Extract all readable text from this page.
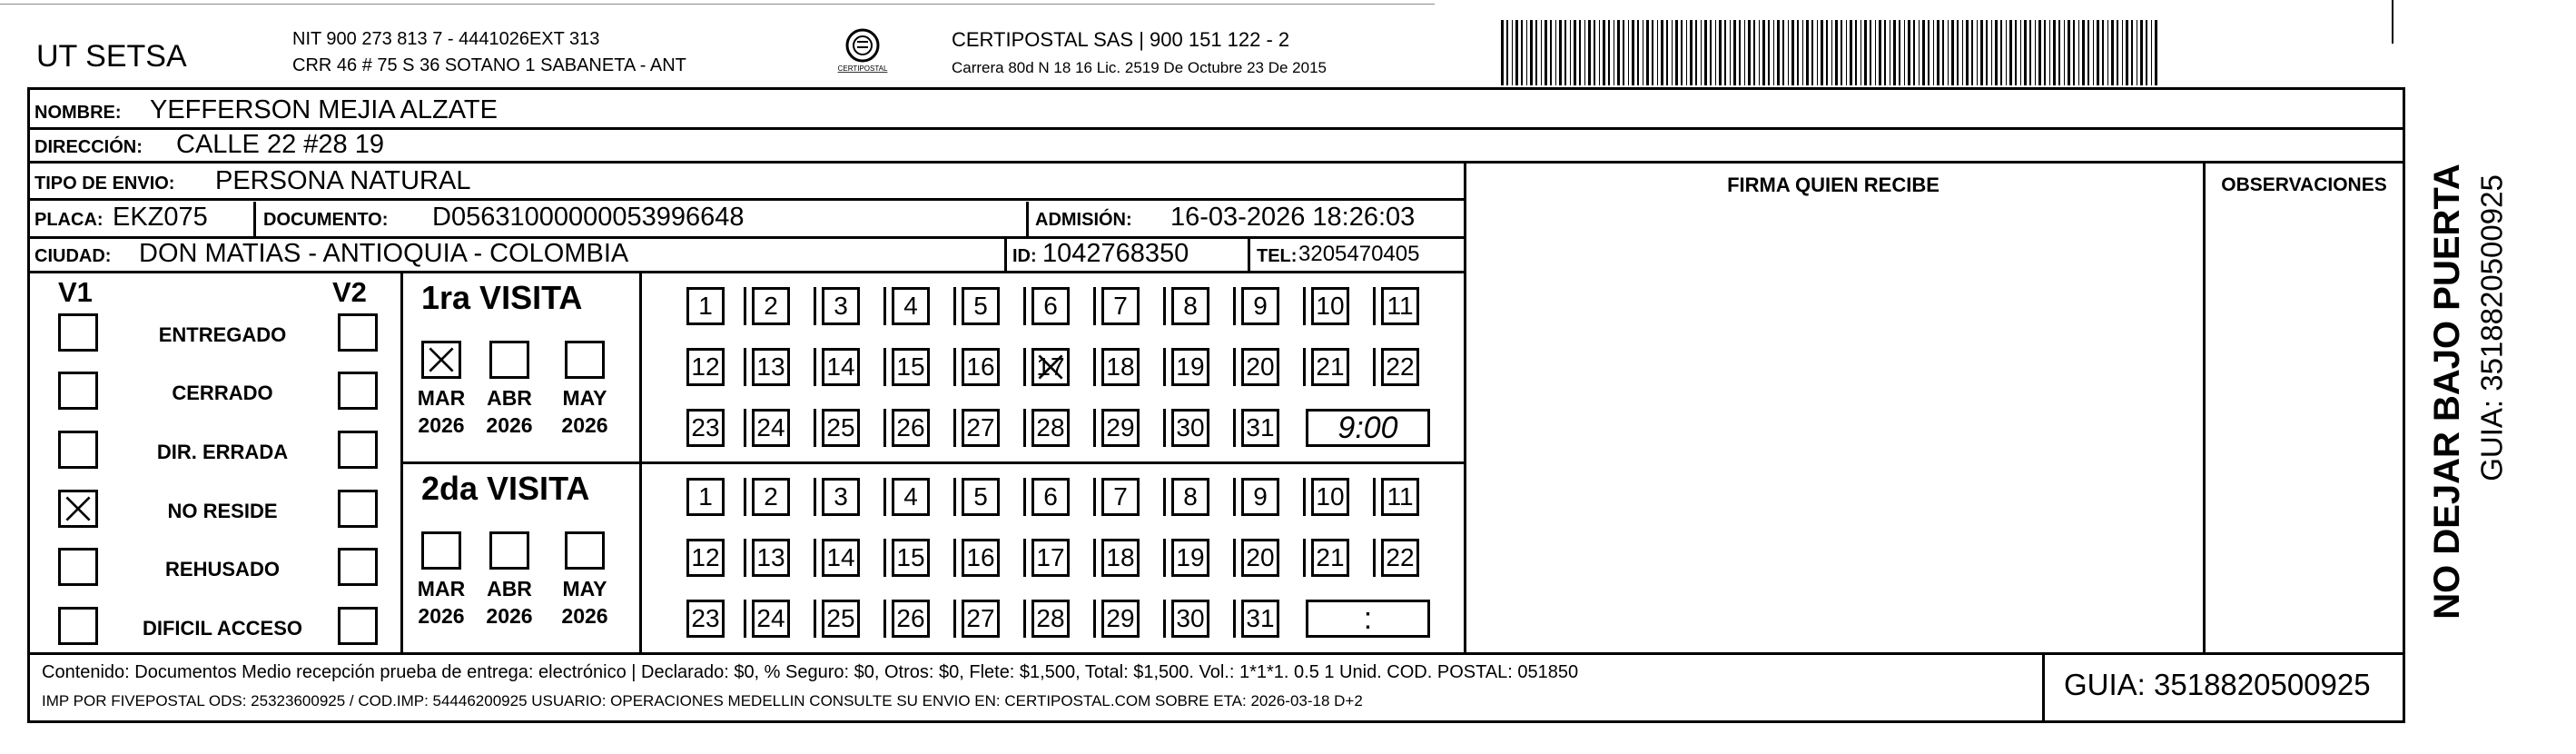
UT SETSA	NIT 900 273 813 7 - 4441026EXT 313
CRR 46 # 75 S 36 SOTANO 1 SABANETA - ANT	CERTIPOSTAL
CERTIPOSTAL SAS | 900 151 122 - 2
Carrera 80d N 18 16 Lic. 2519 De Octubre 23 De 2015
NOMBRE: YEFFERSON MEJIA ALZATE
DIRECCIÓN: CALLE 22 #28 19
TIPO DE ENVIO: PERSONA NATURAL	FIRMA QUIEN RECIBE	OBSERVACIONES
PLACA: EKZ075	DOCUMENTO: D05631000000053996648	ADMISIÓN: 16-03-2026 18:26:03
CIUDAD: DON MATIAS - ANTIOQUIA - COLOMBIA	ID: 1042768350	TEL: 3205470405
V1	V2
ENTREGADO
CERRADO
DIR. ERRADA
NO RESIDE
REHUSADO
DIFICIL ACCESO
1ra VISITA
MAR
2026
ABR
2026
MAY
2026
1	2	3	4	5	6	7	8	9	10 11
12 13 14 15 16 17 18 19 20 21 22
23 24 25 26 27 28 29 30 31	9:00
2da VISITA
MAR
2026
ABR
2026
MAY
2026
1	2	3	4	5	6	7	8	9	10 11
12 13 14 15 16 17 18 19 20 21 22
23 24 25 26 27 28 29 30 31	:
Contenido: Documentos Medio recepción prueba de entrega: electrónico | Declarado: $0, % Seguro: $0, Otros: $0, Flete: $1,500, Total: $1,500. Vol.: 1*1*1. 0.5 1 Unid. COD. POSTAL: 051850
IMP POR FIVEPOSTAL ODS: 25323600925 / COD.IMP: 54446200925 USUARIO: OPERACIONES MEDELLIN CONSULTE SU ENVIO EN: CERTIPOSTAL.COM SOBRE ETA: 2026-03-18 D+2	GUIA: 3518820500925
NO DEJAR BAJO PUERTA GUIA: 3518820500925
